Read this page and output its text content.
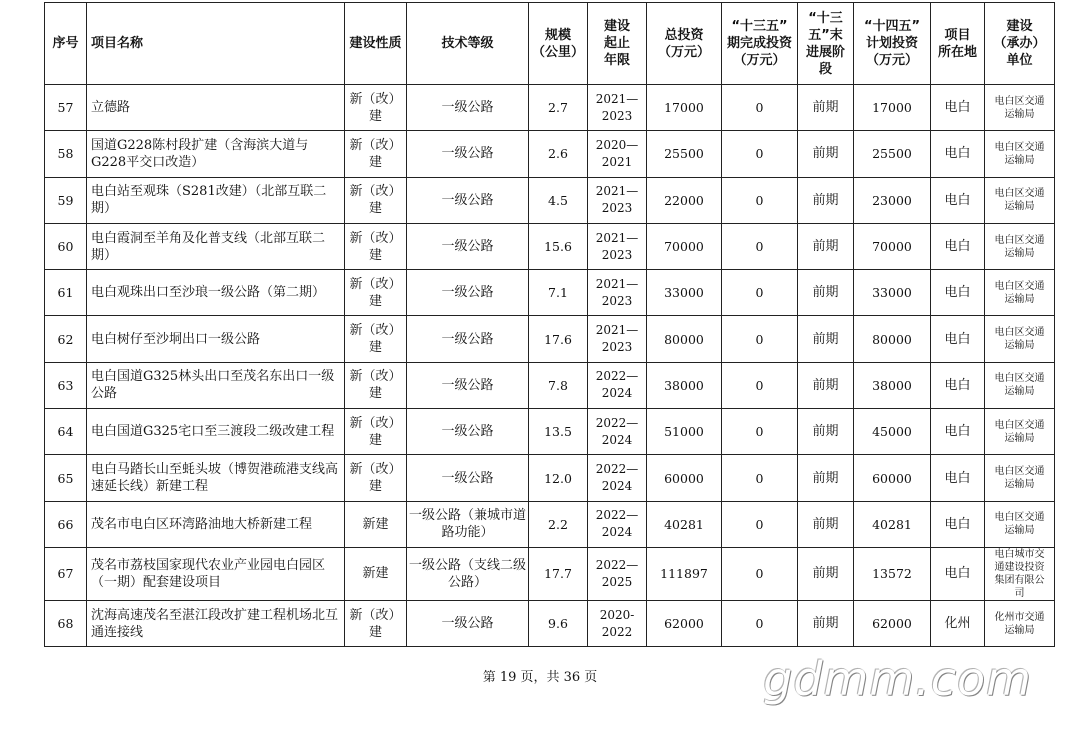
序号	项目名称	建设性质	技术等级	规模
（公里）	建设
起止
年限	总投资
（万元）	“十三五”
期完成投资
（万元）	“十三
五”末
进展阶
段	“十四五”
计划投资
（万元）	项目
所在地	建设
（承办）
单位
57	立德路	新（改）
建	一级公路	2.7	2021—
2023	17000	0	前期	17000	电白	电白区交通
运输局
58	国道G228陈村段扩建（含海滨大道与G228平交口改造）	新（改）
建	一级公路	2.6	2020—
2021	25500	0	前期	25500	电白	电白区交通
运输局
59	电白站至观珠（S281改建）（北部互联二期）	新（改）
建	一级公路	4.5	2021—
2023	22000	0	前期	23000	电白	电白区交通
运输局
60	电白霞洞至羊角及化普支线（北部互联二期）	新（改）
建	一级公路	15.6	2021—
2023	70000	0	前期	70000	电白	电白区交通
运输局
61	电白观珠出口至沙琅一级公路（第二期）	新（改）
建	一级公路	7.1	2021—
2023	33000	0	前期	33000	电白	电白区交通
运输局
62	电白树仔至沙垌出口一级公路	新（改）
建	一级公路	17.6	2021—
2023	80000	0	前期	80000	电白	电白区交通
运输局
63	电白国道G325林头出口至茂名东出口一级公路	新（改）
建	一级公路	7.8	2022—
2024	38000	0	前期	38000	电白	电白区交通
运输局
64	电白国道G325宅口至三渡段二级改建工程	新（改）
建	一级公路	13.5	2022—
2024	51000	0	前期	45000	电白	电白区交通
运输局
65	电白马踏长山至蚝头坡（博贺港疏港支线高速延长线）新建工程	新（改）
建	一级公路	12.0	2022—
2024	60000	0	前期	60000	电白	电白区交通
运输局
66	茂名市电白区环湾路油地大桥新建工程	新建	一级公路（兼城市道路功能）	2.2	2022—
2024	40281	0	前期	40281	电白	电白区交通
运输局
67	茂名市荔枝国家现代农业产业园电白园区（一期）配套建设项目	新建	一级公路（支线二级公路）	17.7	2022—
2025	111897	0	前期	13572	电白	电白城市交
通建设投资
集团有限公
司
68	沈海高速茂名至湛江段改扩建工程机场北互通连接线	新（改）
建	一级公路	9.6	2020-
2022	62000	0	前期	62000	化州	化州市交通
运输局
第 19 页，共 36 页	gdmm.com
